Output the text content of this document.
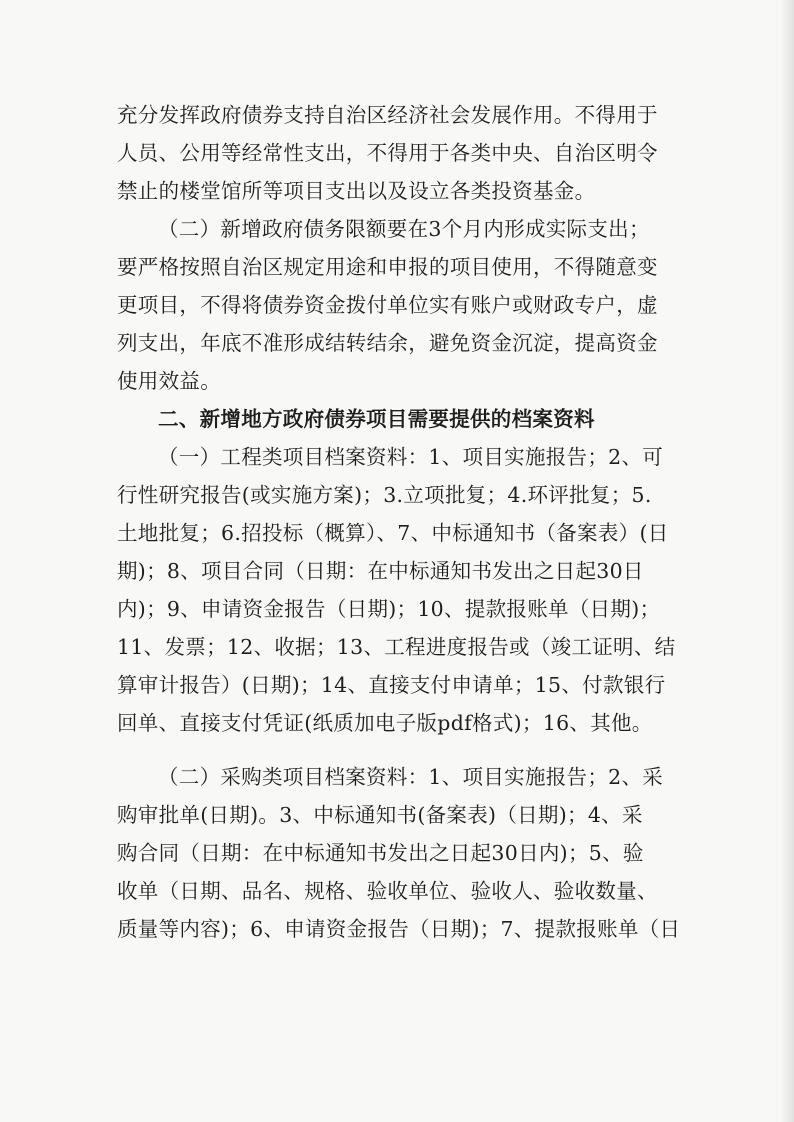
充分发挥政府债券支持自治区经济社会发展作用。不得用于
人员、公用等经常性支出，不得用于各类中央、自治区明令
禁止的楼堂馆所等项目支出以及设立各类投资基金。
（二）新增政府债务限额要在3个月内形成实际支出；
要严格按照自治区规定用途和申报的项目使用，不得随意变
更项目，不得将债券资金拨付单位实有账户或财政专户，虚
列支出，年底不准形成结转结余，避免资金沉淀，提高资金
使用效益。
二、新增地方政府债券项目需要提供的档案资料
（一）工程类项目档案资料：1、项目实施报告；2、可
行性研究报告(或实施方案)；3.立项批复；4.环评批复；5.
土地批复；6.招投标（概算）、7、中标通知书（备案表）(日
期)；8、项目合同（日期：在中标通知书发出之日起30日
内)；9、申请资金报告（日期)；10、提款报账单（日期)；
11、发票；12、收据；13、工程进度报告或（竣工证明、结
算审计报告）(日期)；14、直接支付申请单；15、付款银行
回单、直接支付凭证(纸质加电子版pdf格式)；16、其他。
（二）采购类项目档案资料：1、项目实施报告；2、采
购审批单(日期)。3、中标通知书(备案表)（日期)；4、采
购合同（日期：在中标通知书发出之日起30日内)；5、验
收单（日期、品名、规格、验收单位、验收人、验收数量、
质量等内容)；6、申请资金报告（日期)；7、提款报账单（日
